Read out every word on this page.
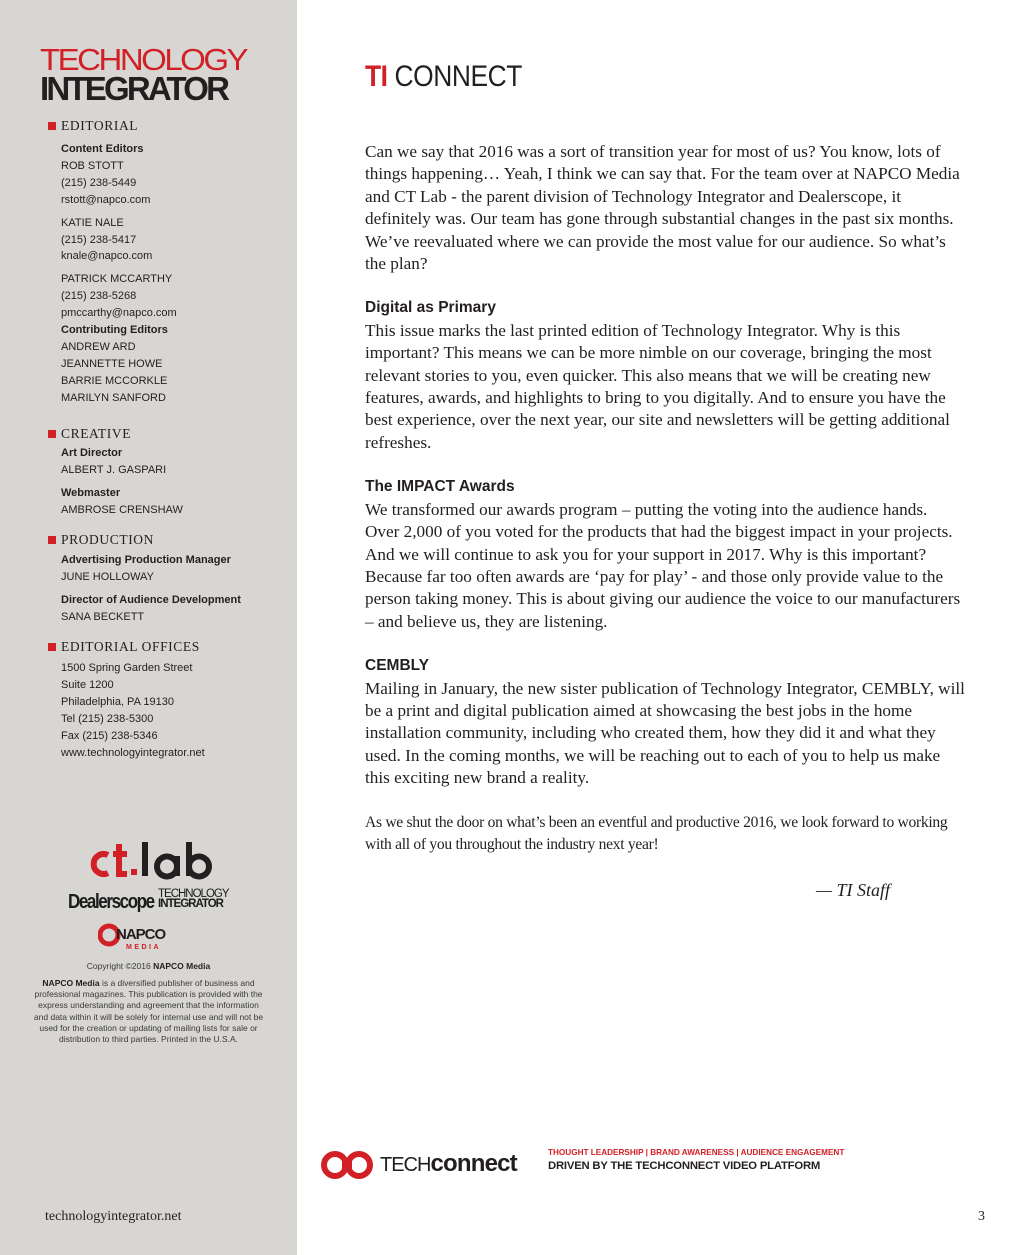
TECHNOLOGY
INTEGRATOR
EDITORIAL
Content Editors
ROB STOTT
(215) 238-5449
rstott@napco.com
KATIE NALE
(215) 238-5417
knale@napco.com
PATRICK MCCARTHY
(215) 238-5268
pmccarthy@napco.com
Contributing Editors
ANDREW ARD
JEANNETTE HOWE
BARRIE MCCORKLE
MARILYN SANFORD
CREATIVE
Art Director
ALBERT J. GASPARI
Webmaster
AMBROSE CRENSHAW
PRODUCTION
Advertising Production Manager
JUNE HOLLOWAY
Director of Audience Development
SANA BECKETT
EDITORIAL OFFICES
1500 Spring Garden Street
Suite 1200
Philadelphia, PA 19130
Tel (215) 238-5300
Fax (215) 238-5346
www.technologyintegrator.net
ct.lab
Dealerscope TECHNOLOGY
INTEGRATOR
NAPCO
MEDIA
Copyright ©2016 NAPCO Media
NAPCO Media is a diversified publisher of business and professional magazines. This publication is provided with the express understanding and agreement that the information and data within it will be solely for internal use and will not be used for the creation or updating of mailing lists for sale or distribution to third parties. Printed in the U.S.A.
technologyintegrator.net
TI CONNECT

Can we say that 2016 was a sort of transition year for most of us? You know, lots of things happening… Yeah, I think we can say that. For the team over at NAPCO Media and CT Lab - the parent division of Technology Integrator and Dealerscope, it definitely was. Our team has gone through substantial changes in the past six months. We’ve reevaluated where we can provide the most value for our audience. So what’s the plan?

Digital as Primary

This issue marks the last printed edition of Technology Integrator. Why is this important? This means we can be more nimble on our coverage, bringing the most relevant stories to you, even quicker. This also means that we will be creating new features, awards, and highlights to bring to you digitally. And to ensure you have the best experience, over the next year, our site and newsletters will be getting additional refreshes.

The IMPACT Awards

We transformed our awards program – putting the voting into the audience hands. Over 2,000 of you voted for the products that had the biggest impact in your projects. And we will continue to ask you for your support in 2017. Why is this important? Because far too often awards are ‘pay for play’ - and those only provide value to the person taking money. This is about giving our audience the voice to our manufacturers – and believe us, they are listening.

CEMBLY

Mailing in January, the new sister publication of Technology Integrator, CEMBLY, will be a print and digital publication aimed at showcasing the best jobs in the home installation community, including who created them, how they did it and what they used. In the coming months, we will be reaching out to each of you to help us make this exciting new brand a reality.

As we shut the door on what’s been an eventful and productive 2016, we look forward to working with all of you throughout the industry next year!

— TI Staff
TECHconnect	THOUGHT LEADERSHIP | BRAND AWARENESS | AUDIENCE ENGAGEMENT
DRIVEN BY THE TECHCONNECT VIDEO PLATFORM
3
